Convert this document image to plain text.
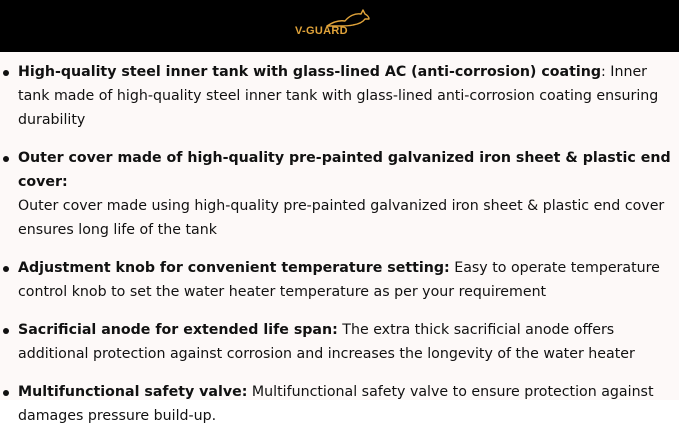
V-GUARD
High-quality steel inner tank with glass-lined AC (anti-corrosion) coating: Inner tank made of high-quality steel inner tank with glass-lined anti-corrosion coating ensuring durability
Outer cover made of high-quality pre-painted galvanized iron sheet & plastic end cover:
Outer cover made using high-quality pre-painted galvanized iron sheet & plastic end cover ensures long life of the tank
Adjustment knob for convenient temperature setting: Easy to operate temperature control knob to set the water heater temperature as per your requirement
Sacrificial anode for extended life span: The extra thick sacrificial anode offers additional protection against corrosion and increases the longevity of the water heater
Multifunctional safety valve: Multifunctional safety valve to ensure protection against damages pressure build-up.
